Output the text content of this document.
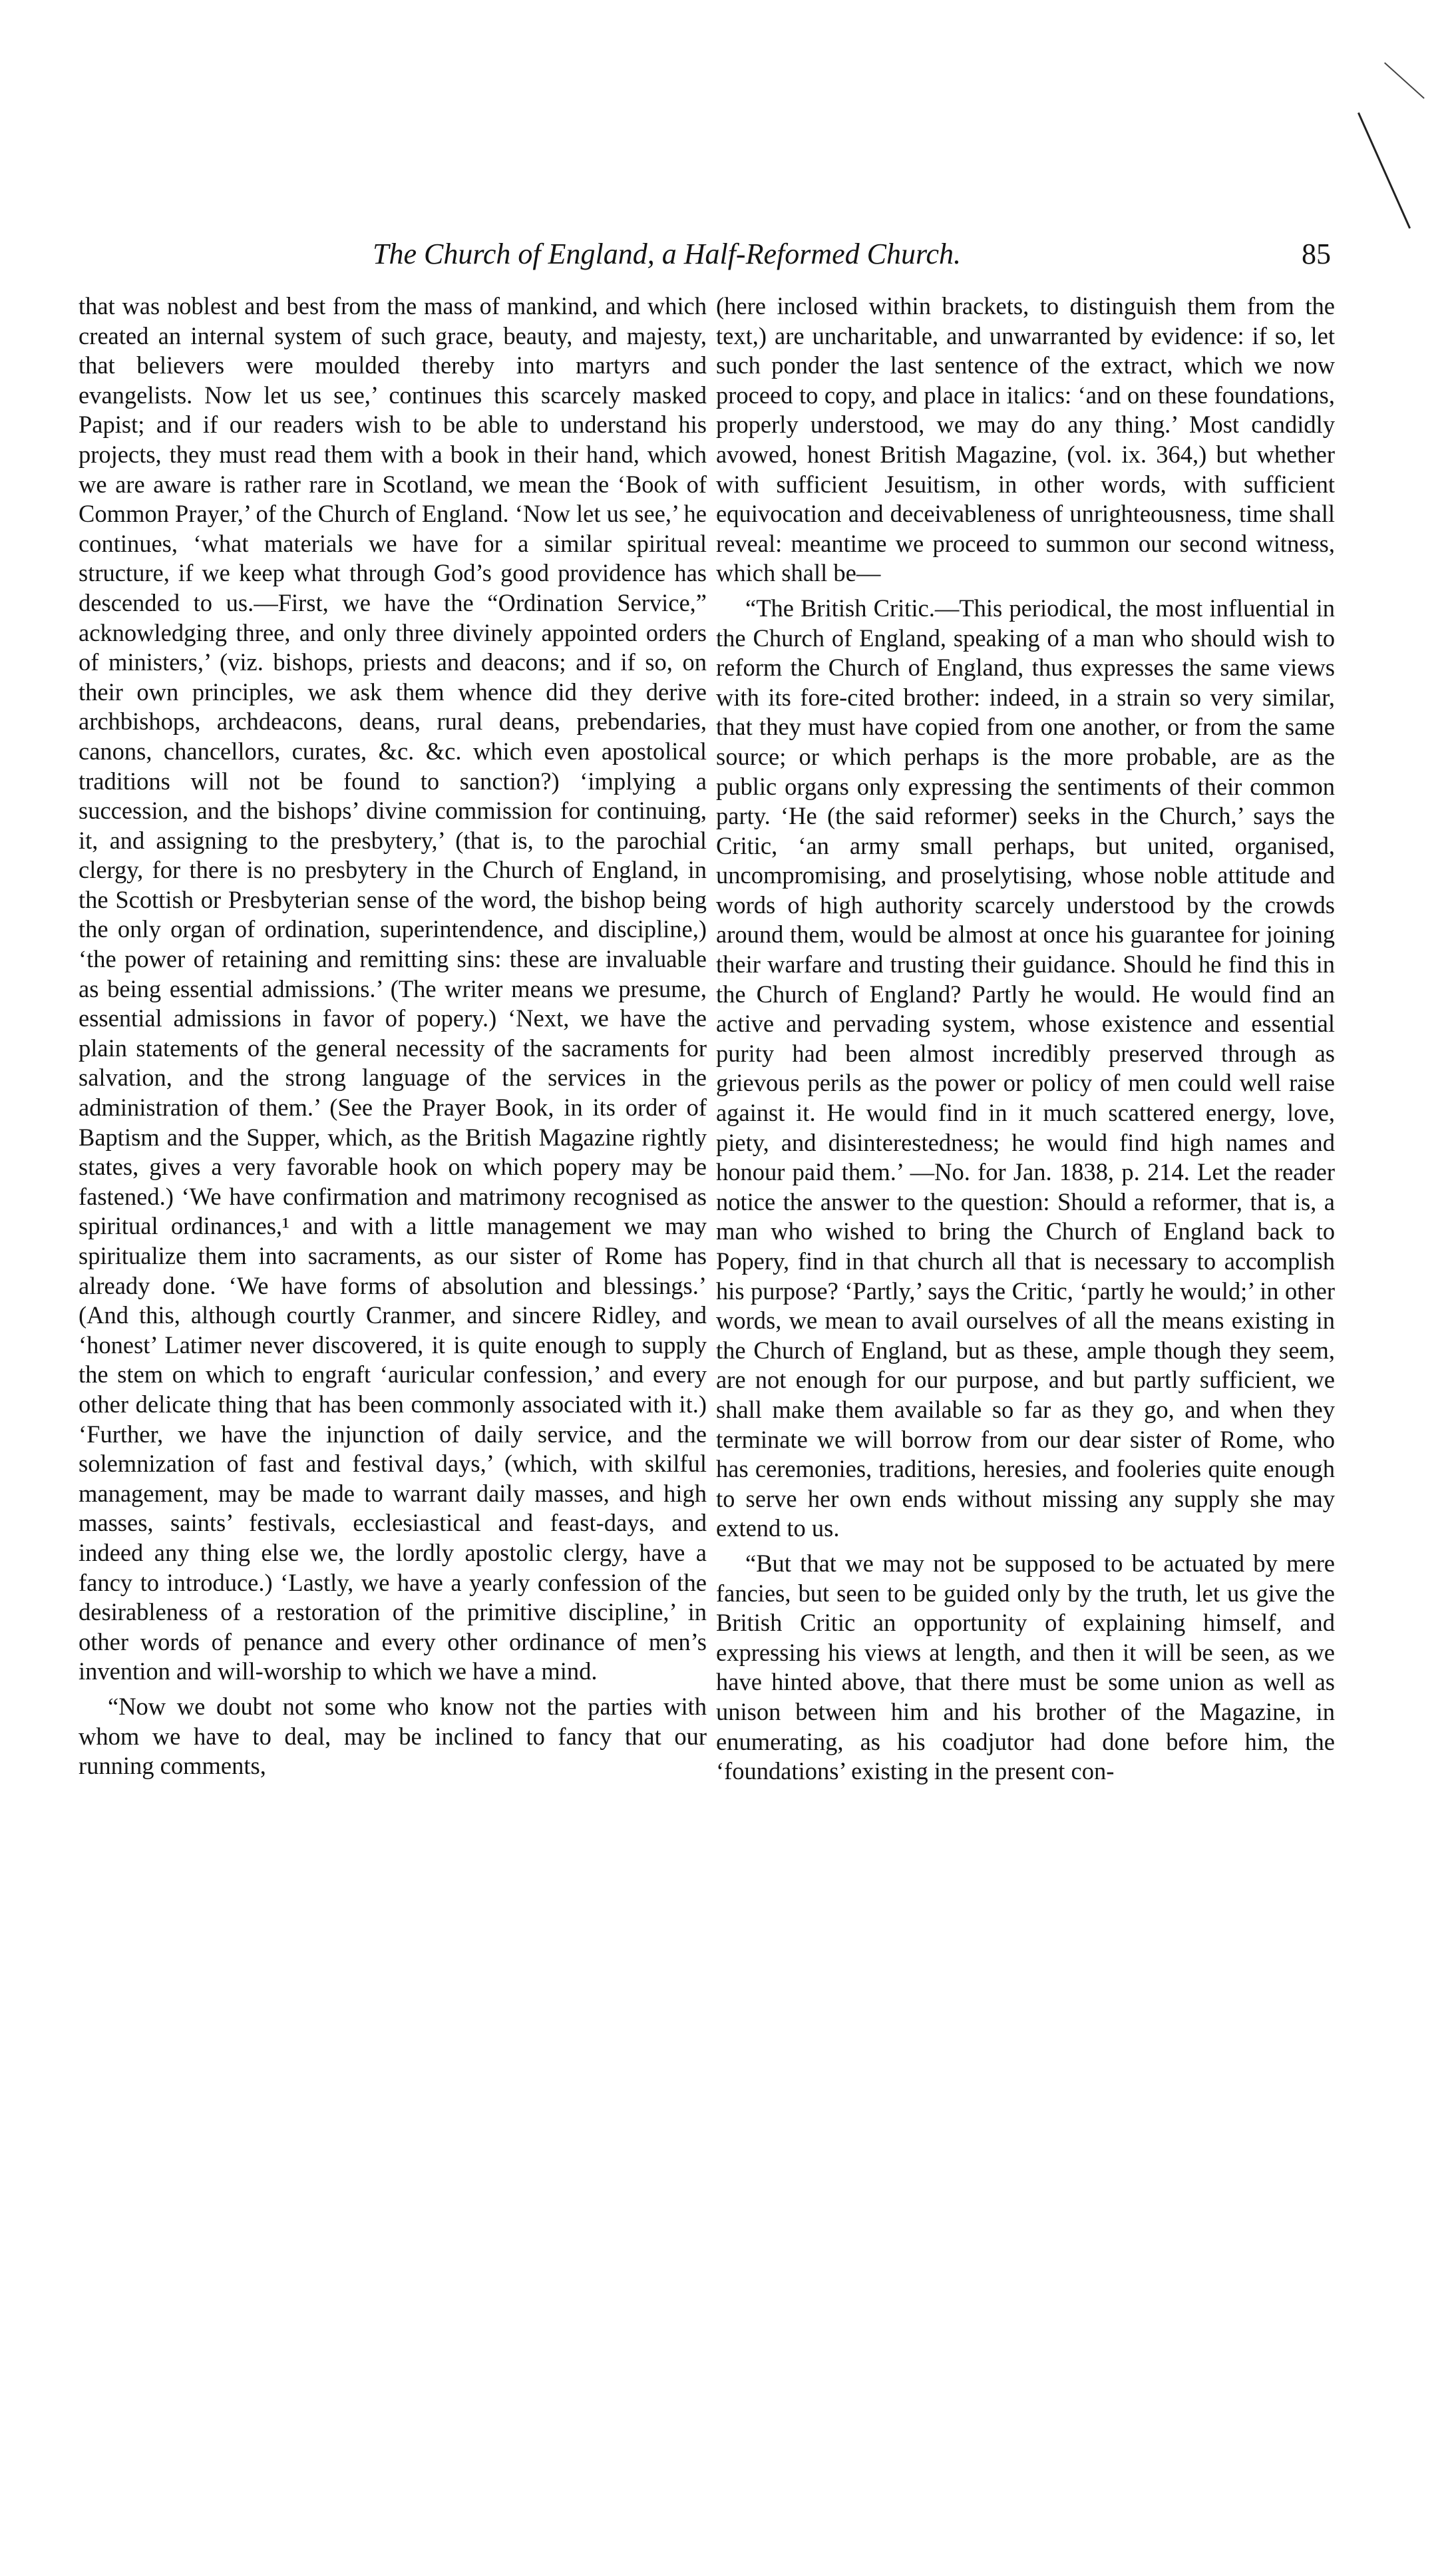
The Church of England, a Half-Reformed Church.	85

that was noblest and best from the mass of mankind, and which created an internal system of such grace, beauty, and majesty, that believers were moulded thereby into martyrs and evangelists. Now let us see,’ continues this scarcely masked Papist; and if our readers wish to be able to understand his projects, they must read them with a book in their hand, which we are aware is rather rare in Scotland, we mean the ‘Book of Common Prayer,’ of the Church of England. ‘Now let us see,’ he continues, ‘what materials we have for a similar spiritual structure, if we keep what through God’s good providence has descended to us.—First, we have the “Ordination Service,” acknowledging three, and only three divinely appointed orders of ministers,’ (viz. bishops, priests and deacons; and if so, on their own principles, we ask them whence did they derive archbishops, archdeacons, deans, rural deans, prebendaries, canons, chancellors, curates, &c. &c. which even apostolical traditions will not be found to sanction?) ‘implying a succession, and the bishops’ divine commission for continuing, it, and assigning to the presbytery,’ (that is, to the parochial clergy, for there is no presbytery in the Church of England, in the Scottish or Presbyterian sense of the word, the bishop being the only organ of ordination, superintendence, and discipline,) ‘the power of retaining and remitting sins: these are invaluable as being essential admissions.’ (The writer means we presume, essential admissions in favor of popery.) ‘Next, we have the plain statements of the general necessity of the sacraments for salvation, and the strong language of the services in the administration of them.’ (See the Prayer Book, in its order of Baptism and the Supper, which, as the British Magazine rightly states, gives a very favorable hook on which popery may be fastened.) ‘We have confirmation and matrimony recognised as spiritual ordinances,¹ and with a little management we may spiritualize them into sacraments, as our sister of Rome has already done. ‘We have forms of absolution and blessings.’ (And this, although courtly Cranmer, and sincere Ridley, and ‘honest’ Latimer never discovered, it is quite enough to supply the stem on which to engraft ‘auricular confession,’ and every other delicate thing that has been commonly associated with it.) ‘Further, we have the injunction of daily service, and the solemnization of fast and festival days,’ (which, with skilful management, may be made to warrant daily masses, and high masses, saints’ festivals, ecclesiastical and feast-days, and indeed any thing else we, the lordly apostolic clergy, have a fancy to introduce.) ‘Lastly, we have a yearly confession of the desirableness of a restoration of the primitive discipline,’ in other words of penance and every other ordinance of men’s invention and will-worship to which we have a mind.

“Now we doubt not some who know not the parties with whom we have to deal, may be inclined to fancy that our running comments,

(here inclosed within brackets, to distinguish them from the text,) are uncharitable, and unwarranted by evidence: if so, let such ponder the last sentence of the extract, which we now proceed to copy, and place in italics: ‘and on these foundations, properly understood, we may do any thing.’ Most candidly avowed, honest British Magazine, (vol. ix. 364,) but whether with sufficient Jesuitism, in other words, with sufficient equivocation and deceivableness of unrighteousness, time shall reveal: meantime we proceed to summon our second witness, which shall be—

“The British Critic.—This periodical, the most influential in the Church of England, speaking of a man who should wish to reform the Church of England, thus expresses the same views with its fore-cited brother: indeed, in a strain so very similar, that they must have copied from one another, or from the same source; or which perhaps is the more probable, are as the public organs only expressing the sentiments of their common party. ‘He (the said reformer) seeks in the Church,’ says the Critic, ‘an army small perhaps, but united, organised, uncompromising, and proselytising, whose noble attitude and words of high authority scarcely understood by the crowds around them, would be almost at once his guarantee for joining their warfare and trusting their guidance. Should he find this in the Church of England? Partly he would. He would find an active and pervading system, whose existence and essential purity had been almost incredibly preserved through as grievous perils as the power or policy of men could well raise against it. He would find in it much scattered energy, love, piety, and disinterestedness; he would find high names and honour paid them.’ —No. for Jan. 1838, p. 214. Let the reader notice the answer to the question: Should a reformer, that is, a man who wished to bring the Church of England back to Popery, find in that church all that is necessary to accomplish his purpose? ‘Partly,’ says the Critic, ‘partly he would;’ in other words, we mean to avail ourselves of all the means existing in the Church of England, but as these, ample though they seem, are not enough for our purpose, and but partly sufficient, we shall make them available so far as they go, and when they terminate we will borrow from our dear sister of Rome, who has ceremonies, traditions, heresies, and fooleries quite enough to serve her own ends without missing any supply she may extend to us.

“But that we may not be supposed to be actuated by mere fancies, but seen to be guided only by the truth, let us give the British Critic an opportunity of explaining himself, and expressing his views at length, and then it will be seen, as we have hinted above, that there must be some union as well as unison between him and his brother of the Magazine, in enumerating, as his coadjutor had done before him, the ‘foundations’ existing in the present con-
